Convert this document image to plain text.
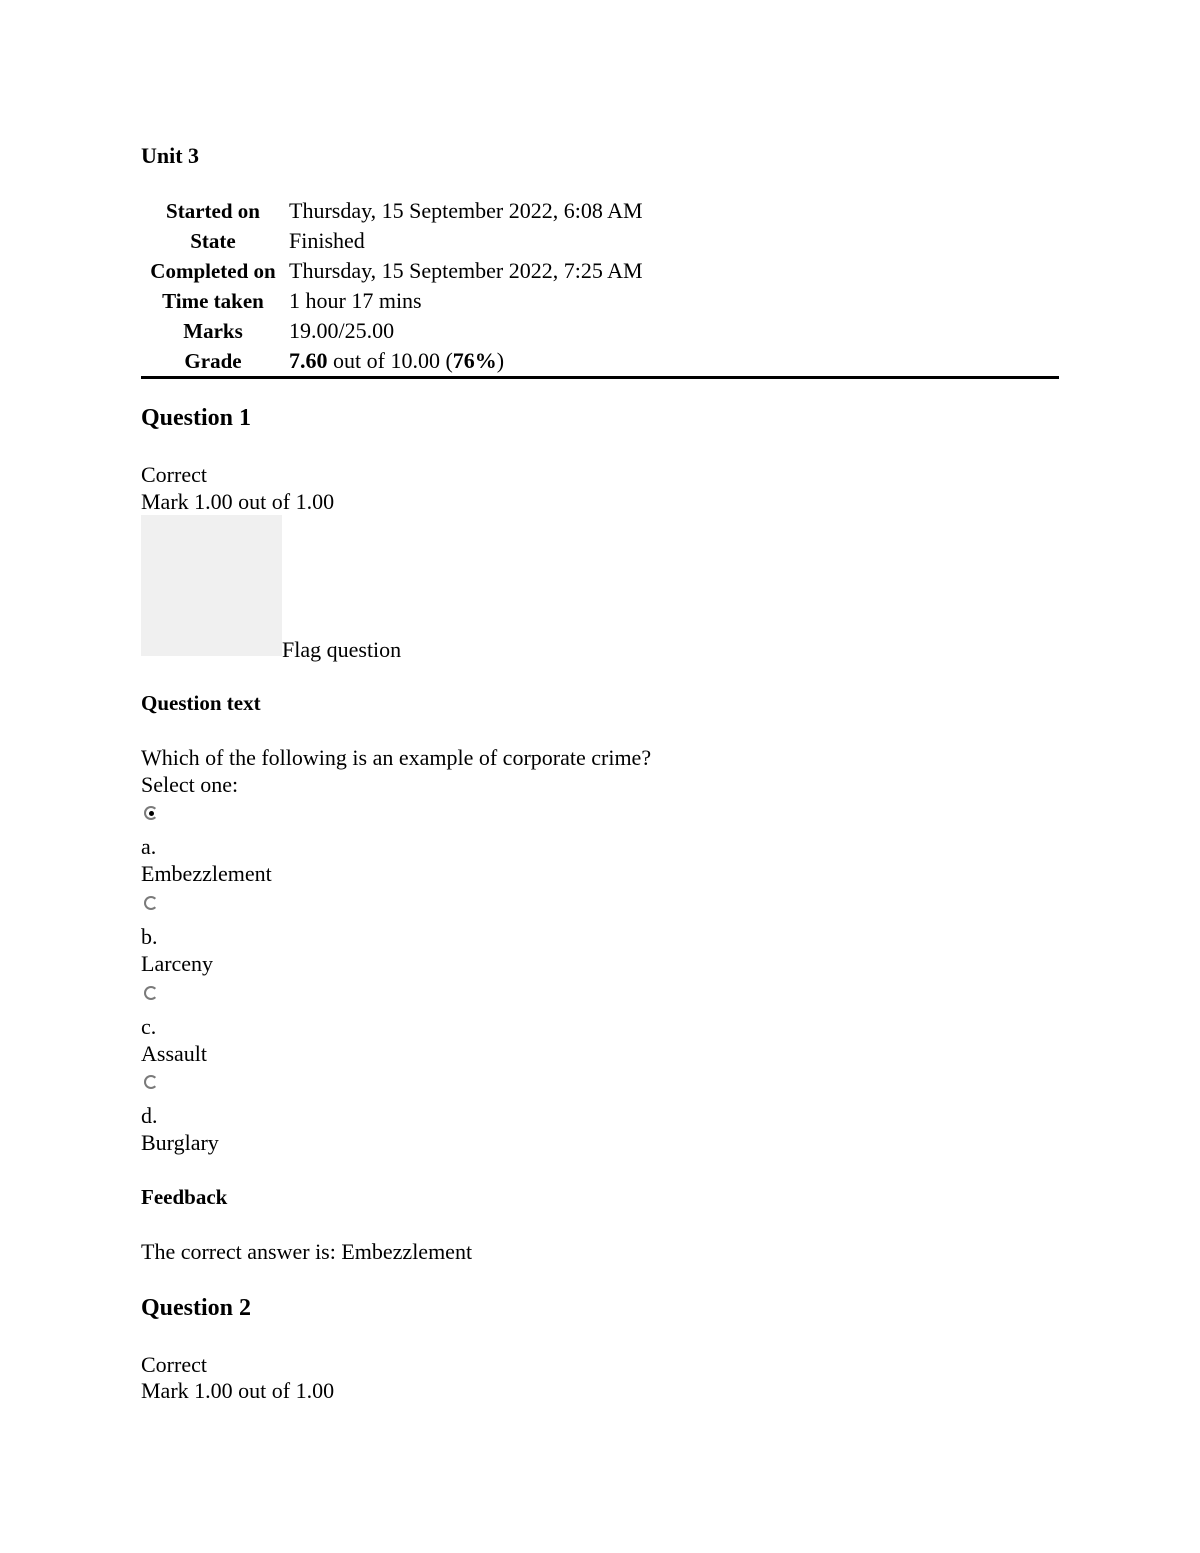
Unit 3

Started on	Thursday, 15 September 2022, 6:08 AM
State	Finished
Completed on	Thursday, 15 September 2022, 7:25 AM
Time taken	1 hour 17 mins
Marks	19.00/25.00
Grade	7.60 out of 10.00 (76%)

Question 1

Correct

Mark 1.00 out of 1.00

Flag question

Question text

Which of the following is an example of corporate crime?

Select one:

a.

Embezzlement

b.

Larceny

c.

Assault

d.

Burglary

Feedback

The correct answer is: Embezzlement

Question 2

Correct

Mark 1.00 out of 1.00
